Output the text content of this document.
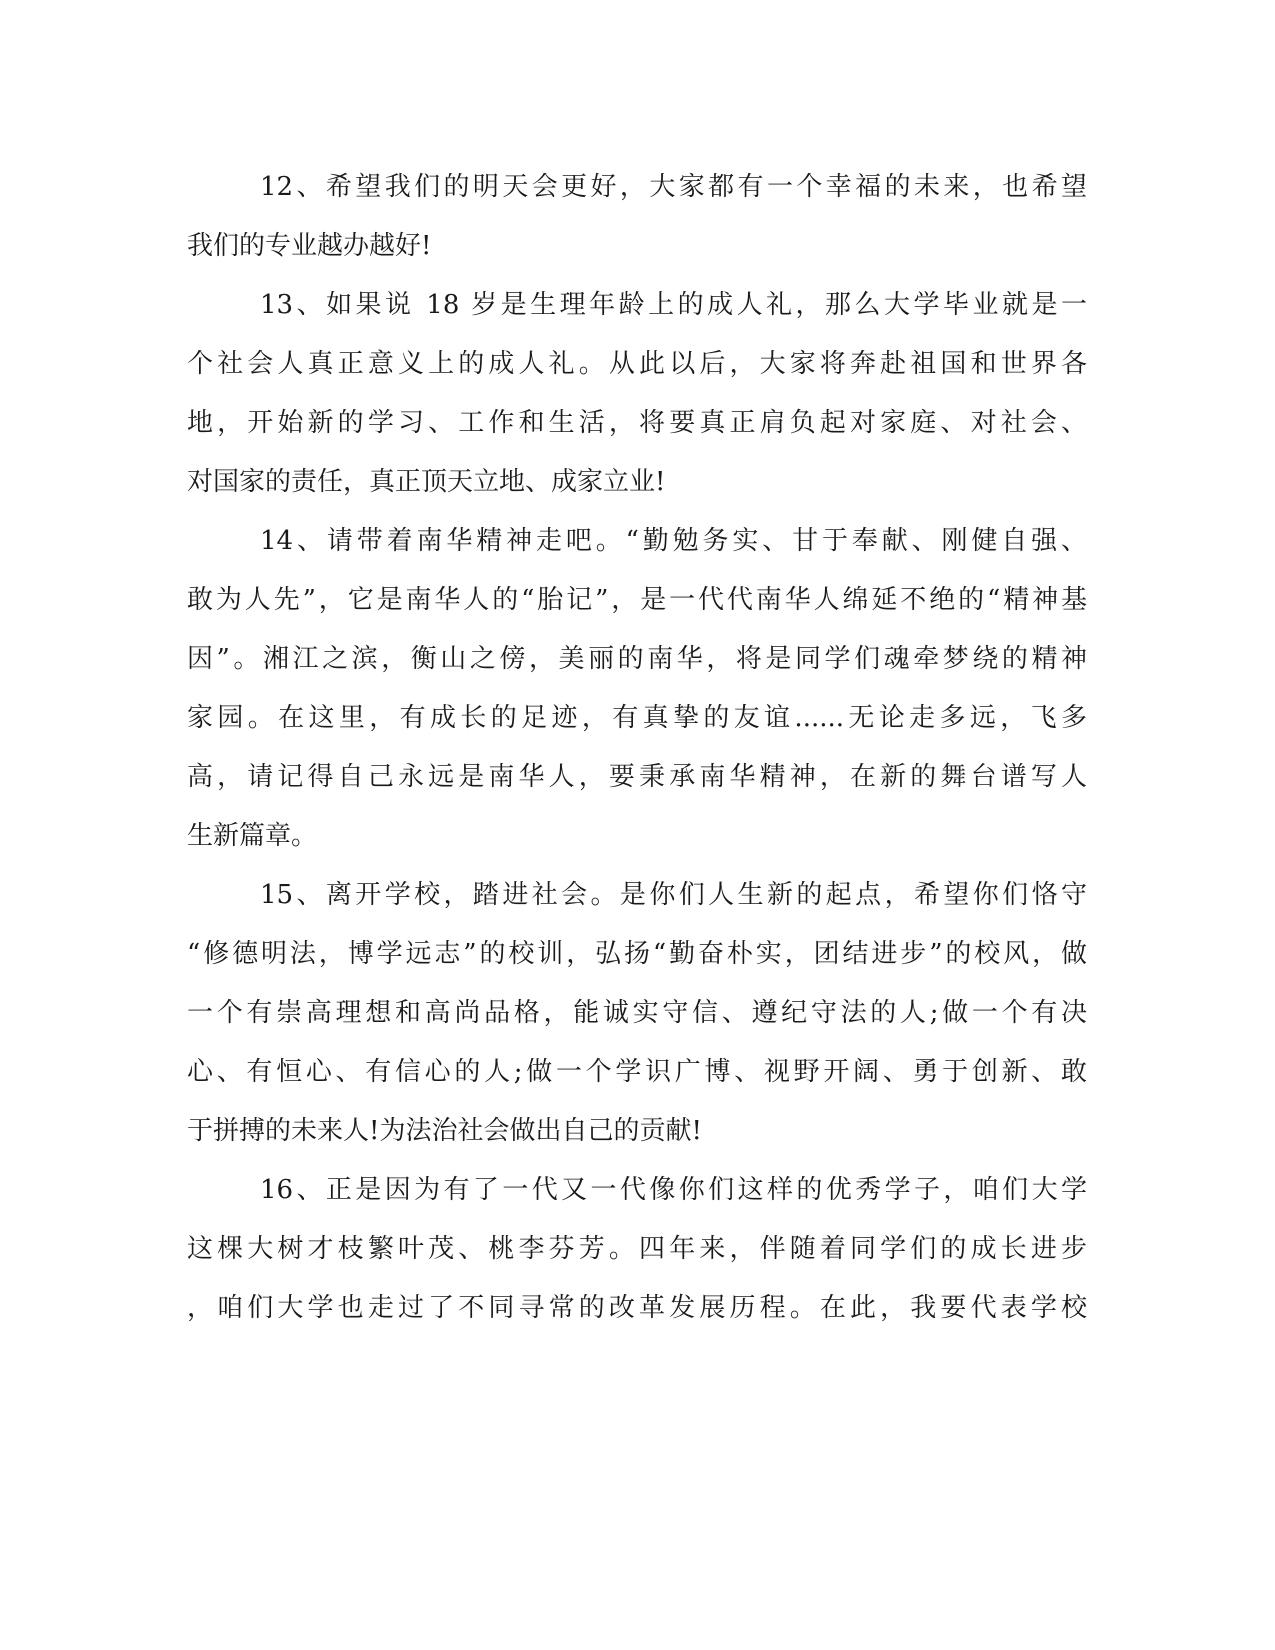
12、希望我们的明天会更好，大家都有一个幸福的未来，也希望
我们的专业越办越好!
13、如果说 18 岁是生理年龄上的成人礼，那么大学毕业就是一
个社会人真正意义上的成人礼。从此以后，大家将奔赴祖国和世界各
地，开始新的学习、工作和生活，将要真正肩负起对家庭、对社会、
对国家的责任，真正顶天立地、成家立业!
14、请带着南华精神走吧。“勤勉务实、甘于奉献、刚健自强、
敢为人先”，它是南华人的“胎记”，是一代代南华人绵延不绝的“精神基
因”。湘江之滨，衡山之傍，美丽的南华，将是同学们魂牵梦绕的精神
家园。在这里，有成长的足迹，有真挚的友谊......无论走多远，飞多
高，请记得自己永远是南华人，要秉承南华精神，在新的舞台谱写人
生新篇章。
15、离开学校，踏进社会。是你们人生新的起点，希望你们恪守
“修德明法，博学远志”的校训，弘扬“勤奋朴实，团结进步”的校风，做
一个有崇高理想和高尚品格，能诚实守信、遵纪守法的人;做一个有决
心、有恒心、有信心的人;做一个学识广博、视野开阔、勇于创新、敢
于拼搏的未来人!为法治社会做出自己的贡献!
16、正是因为有了一代又一代像你们这样的优秀学子，咱们大学
这棵大树才枝繁叶茂、桃李芬芳。四年来，伴随着同学们的成长进步
，咱们大学也走过了不同寻常的改革发展历程。在此，我要代表学校
